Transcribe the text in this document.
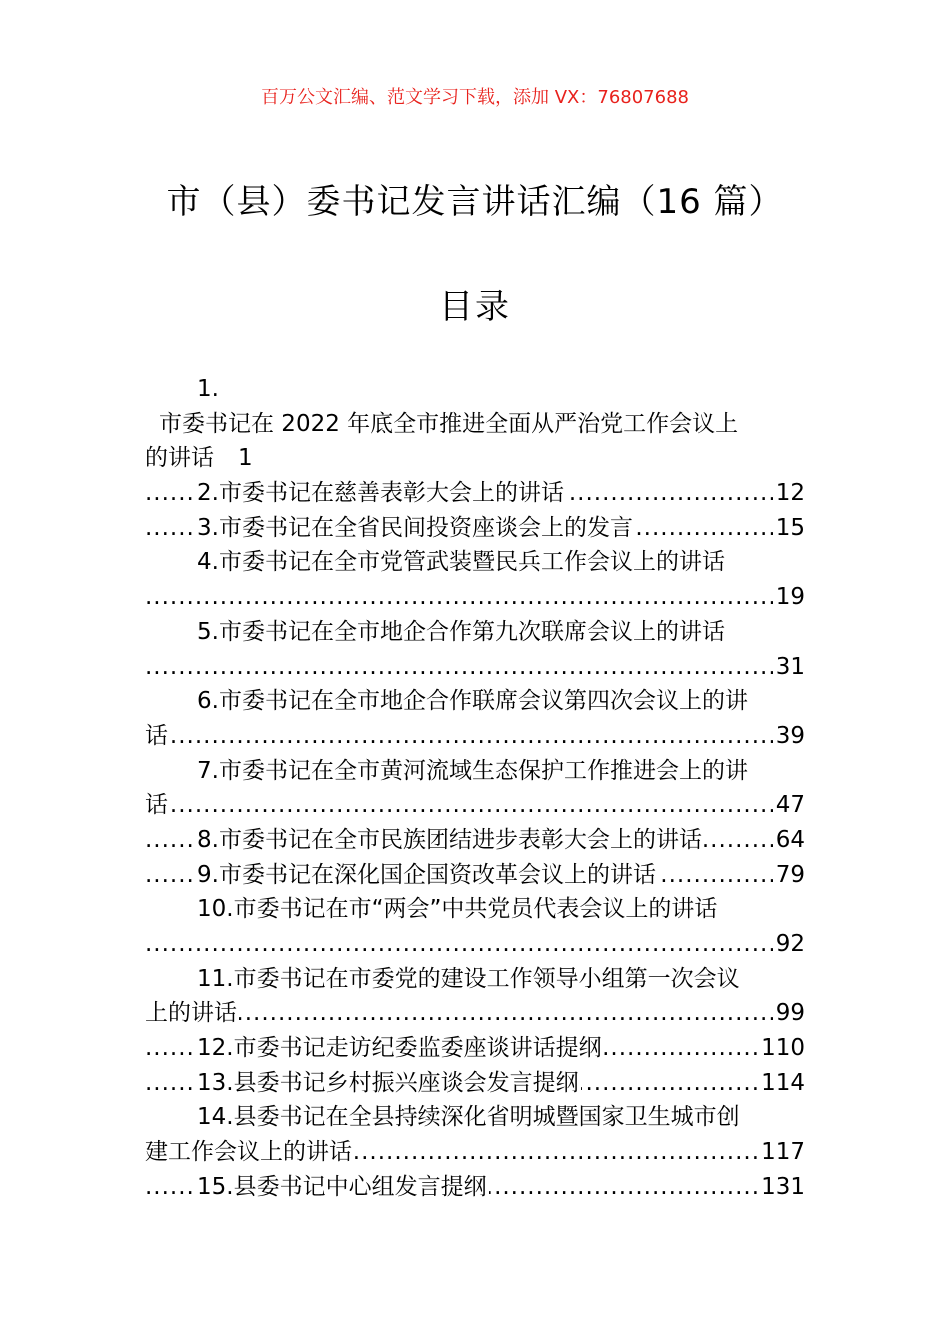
百万公文汇编、范文学习下载，添加 VX：76807688
市（县）委书记发言讲话汇编（16 篇）
目录
1.
市委书记在 2022 年底全市推进全面从严治党工作会议上
的讲话 1
..... 2.市委书记在慈善表彰大会上的讲话	12
..... 3.市委书记在全省民间投资座谈会上的发言	15
4.市委书记在全市党管武装暨民兵工作会议上的讲话
..... 19
5.市委书记在全市地企合作第九次联席会议上的讲话
..... 31
6.市委书记在全市地企合作联席会议第四次会议上的讲
..... 话	39
7.市委书记在全市黄河流域生态保护工作推进会上的讲
..... 话	47
..... 8.市委书记在全市民族团结进步表彰大会上的讲话	64
..... 9.市委书记在深化国企国资改革会议上的讲话	79
10.市委书记在市“两会”中共党员代表会议上的讲话
..... 92
11.市委书记在市委党的建设工作领导小组第一次会议
..... 上的讲话	99
..... 12.市委书记走访纪委监委座谈讲话提纲	110
..... 13.县委书记乡村振兴座谈会发言提纲	114
14.县委书记在全县持续深化省明城暨国家卫生城市创
..... 建工作会议上的讲话	117
..... 15.县委书记中心组发言提纲	131
